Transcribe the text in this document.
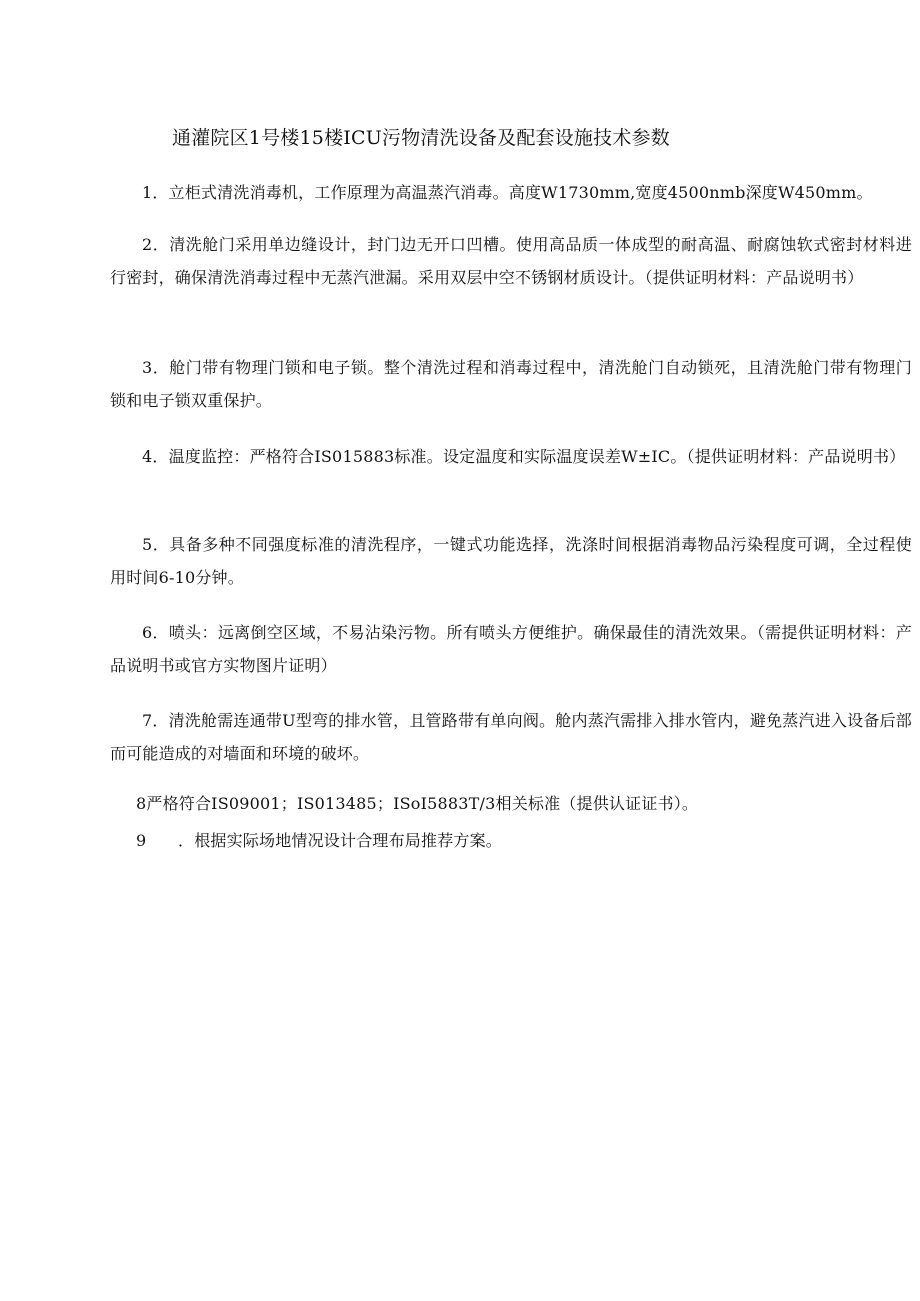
通灌院区1号楼15楼ICU污物清洗设备及配套设施技术参数
1．立柜式清洗消毒机，工作原理为高温蒸汽消毒。高度W1730mm,宽度4500nmb深度W450mm。
2．清洗舱门采用单边缝设计，封门边无开口凹槽。使用高品质一体成型的耐高温、耐腐蚀软式密封材料进行密封，确保清洗消毒过程中无蒸汽泄漏。采用双层中空不锈钢材质设计。（提供证明材料：产品说明书）
3．舱门带有物理门锁和电子锁。整个清洗过程和消毒过程中，清洗舱门自动锁死，且清洗舱门带有物理门锁和电子锁双重保护。
4．温度监控：严格符合IS015883标准。设定温度和实际温度误差W±IC。（提供证明材料：产品说明书）
5．具备多种不同强度标准的清洗程序，一键式功能选择，洗涤时间根据消毒物品污染程度可调，全过程使用时间6-10分钟。
6．喷头：远离倒空区域，不易沾染污物。所有喷头方便维护。确保最佳的清洗效果。（需提供证明材料：产品说明书或官方实物图片证明）
7．清洗舱需连通带U型弯的排水管，且管路带有单向阀。舱内蒸汽需排入排水管内，避免蒸汽进入设备后部而可能造成的对墙面和环境的破坏。
8严格符合IS09001；IS013485；ISoI5883T/3相关标准（提供认证证书）。
9 ．根据实际场地情况设计合理布局推荐方案。
